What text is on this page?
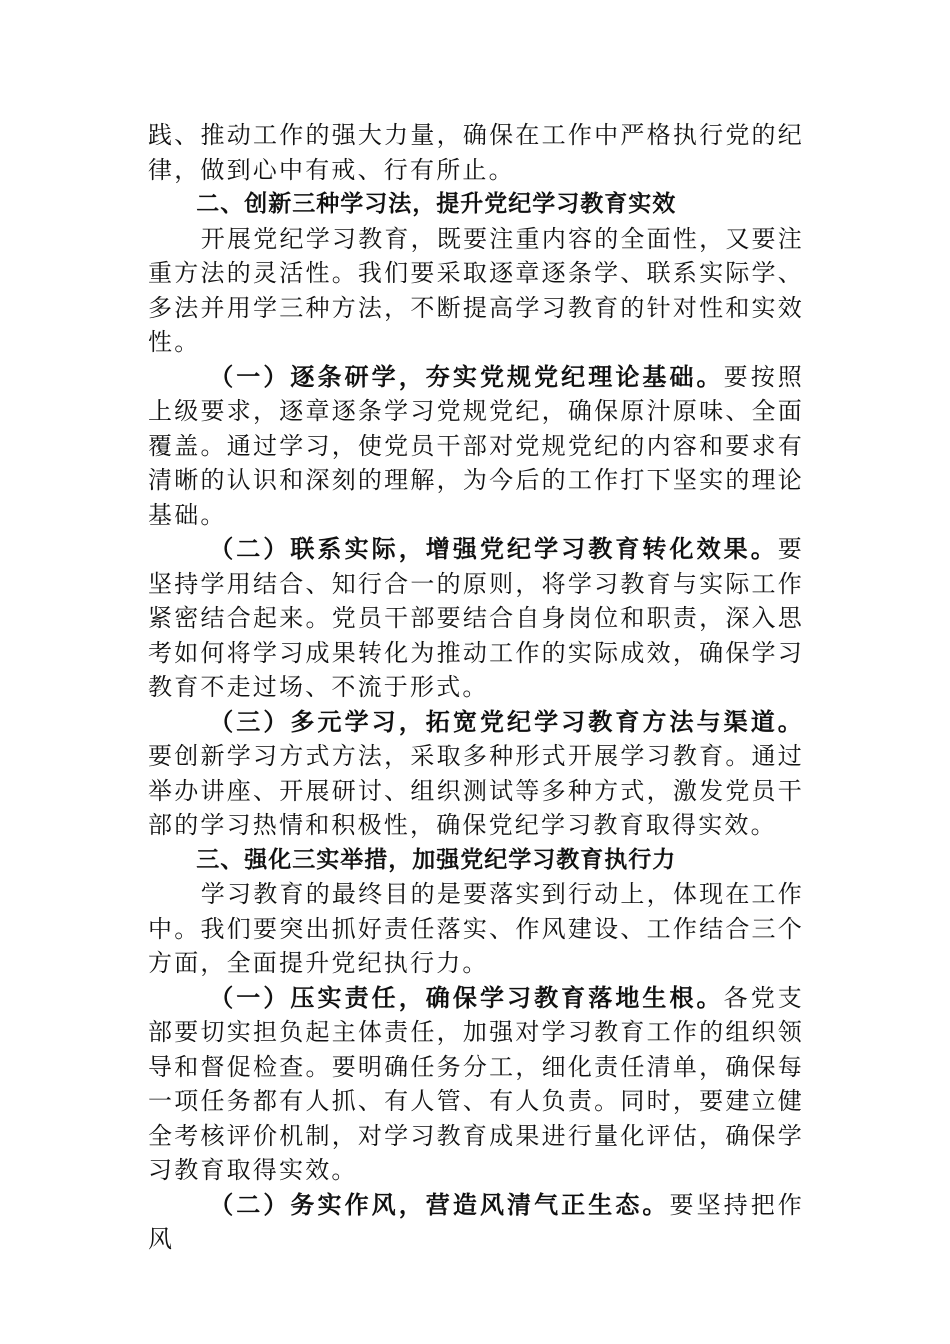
践、推动工作的强大力量，确保在工作中严格执行党的纪律，做到心中有戒、行有所止。

二、创新三种学习法，提升党纪学习教育实效

开展党纪学习教育，既要注重内容的全面性，又要注重方法的灵活性。我们要采取逐章逐条学、联系实际学、多法并用学三种方法，不断提高学习教育的针对性和实效性。

（一）逐条研学，夯实党规党纪理论基础。要按照上级要求，逐章逐条学习党规党纪，确保原汁原味、全面覆盖。通过学习，使党员干部对党规党纪的内容和要求有清晰的认识和深刻的理解，为今后的工作打下坚实的理论基础。

（二）联系实际，增强党纪学习教育转化效果。要坚持学用结合、知行合一的原则，将学习教育与实际工作紧密结合起来。党员干部要结合自身岗位和职责，深入思考如何将学习成果转化为推动工作的实际成效，确保学习教育不走过场、不流于形式。

（三）多元学习，拓宽党纪学习教育方法与渠道。要创新学习方式方法，采取多种形式开展学习教育。通过举办讲座、开展研讨、组织测试等多种方式，激发党员干部的学习热情和积极性，确保党纪学习教育取得实效。

三、强化三实举措，加强党纪学习教育执行力

学习教育的最终目的是要落实到行动上，体现在工作中。我们要突出抓好责任落实、作风建设、工作结合三个方面，全面提升党纪执行力。

（一）压实责任，确保学习教育落地生根。各党支部要切实担负起主体责任，加强对学习教育工作的组织领导和督促检查。要明确任务分工，细化责任清单，确保每一项任务都有人抓、有人管、有人负责。同时，要建立健全考核评价机制，对学习教育成果进行量化评估，确保学习教育取得实效。

（二）务实作风，营造风清气正生态。要坚持把作风
